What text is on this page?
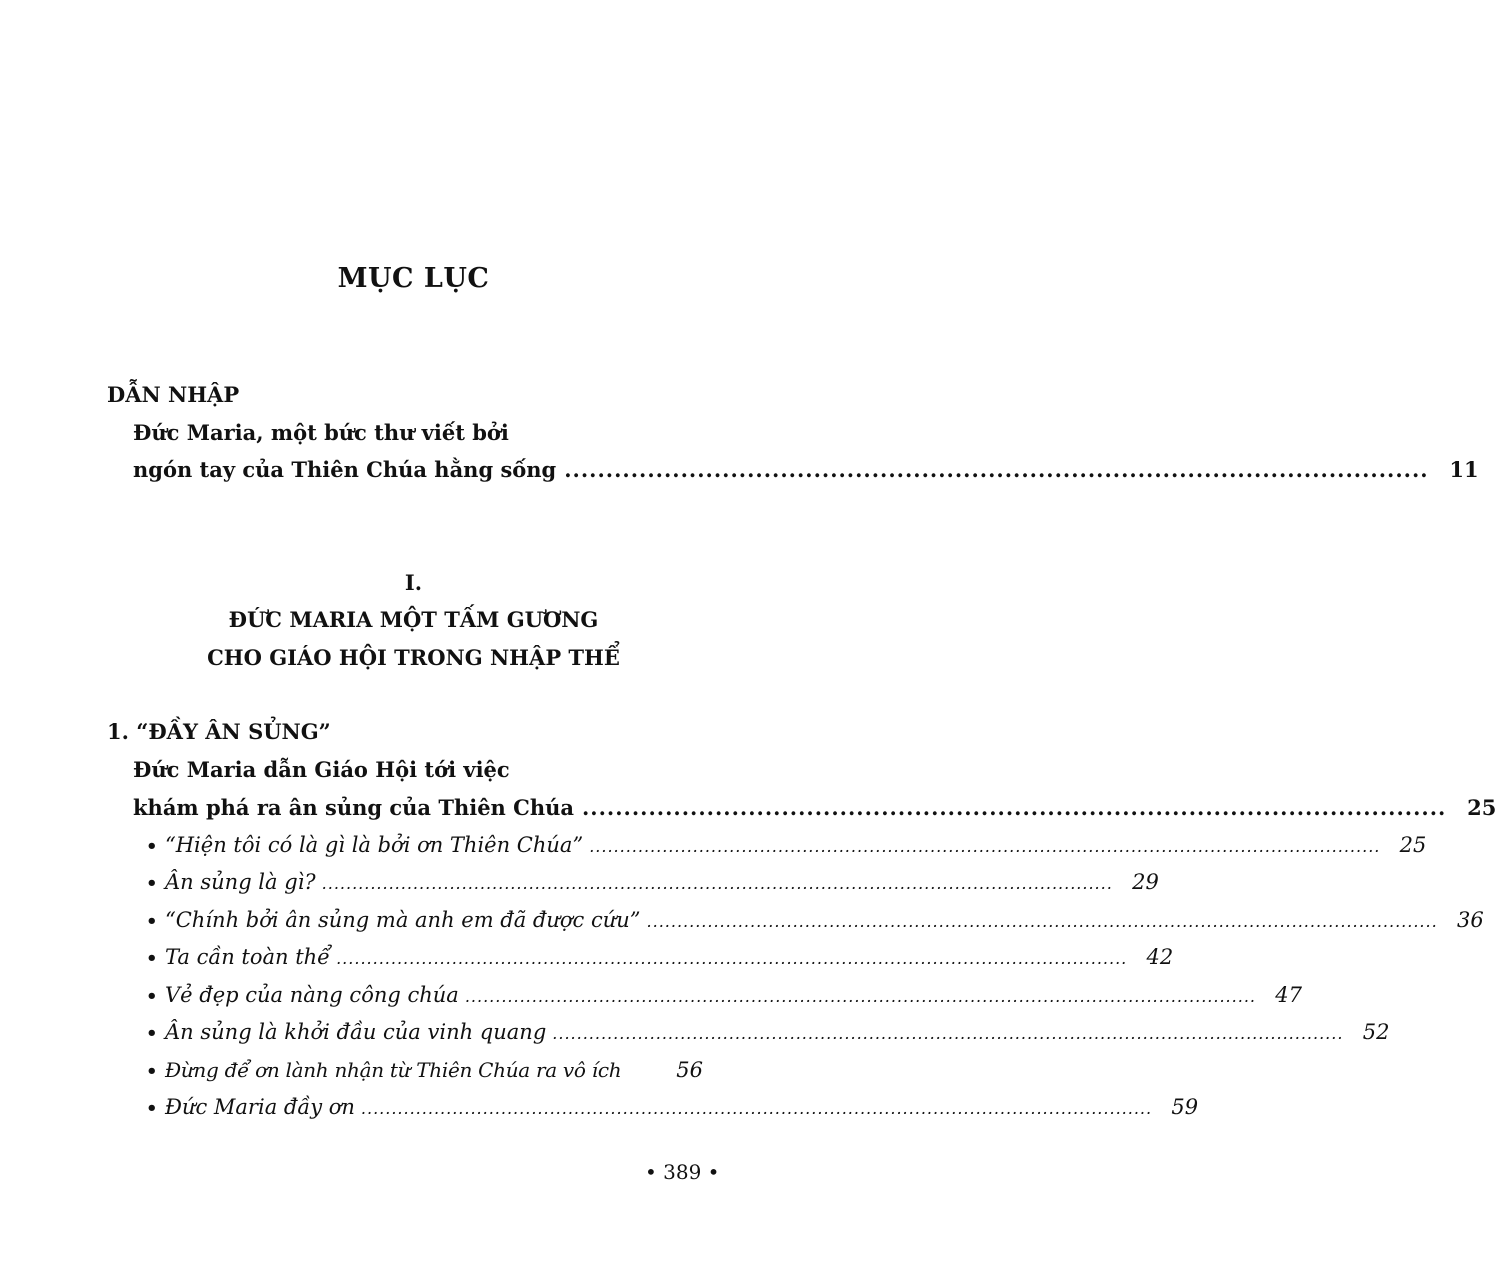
MỤC LỤC
DẪN NHẬP
Đức Maria, một bức thư viết bởi
ngón tay của Thiên Chúa hằng sống ........................................................................................................ 11
I.
ĐỨC MARIA MỘT TẤM GƯƠNG
CHO GIÁO HỘI TRONG NHẬP THỂ
1. “ĐẦY ÂN SỦNG”
Đức Maria dẫn Giáo Hội tới việc
khám phá ra ân sủng của Thiên Chúa ........................................................................................................ 25
• “Hiện tôi có là gì là bởi ơn Thiên Chúa” .................................................................................................................................. 25
• Ân sủng là gì? .................................................................................................................................. 29
• “Chính bởi ân sủng mà anh em đã được cứu” .................................................................................................................................. 36
• Ta cần toàn thể .................................................................................................................................. 42
• Vẻ đẹp của nàng công chúa .................................................................................................................................. 47
• Ân sủng là khởi đầu của vinh quang .................................................................................................................................. 52
• Đừng để ơn lành nhận từ Thiên Chúa ra vô ích	56
• Đức Maria đầy ơn .................................................................................................................................. 59
• 389 •
